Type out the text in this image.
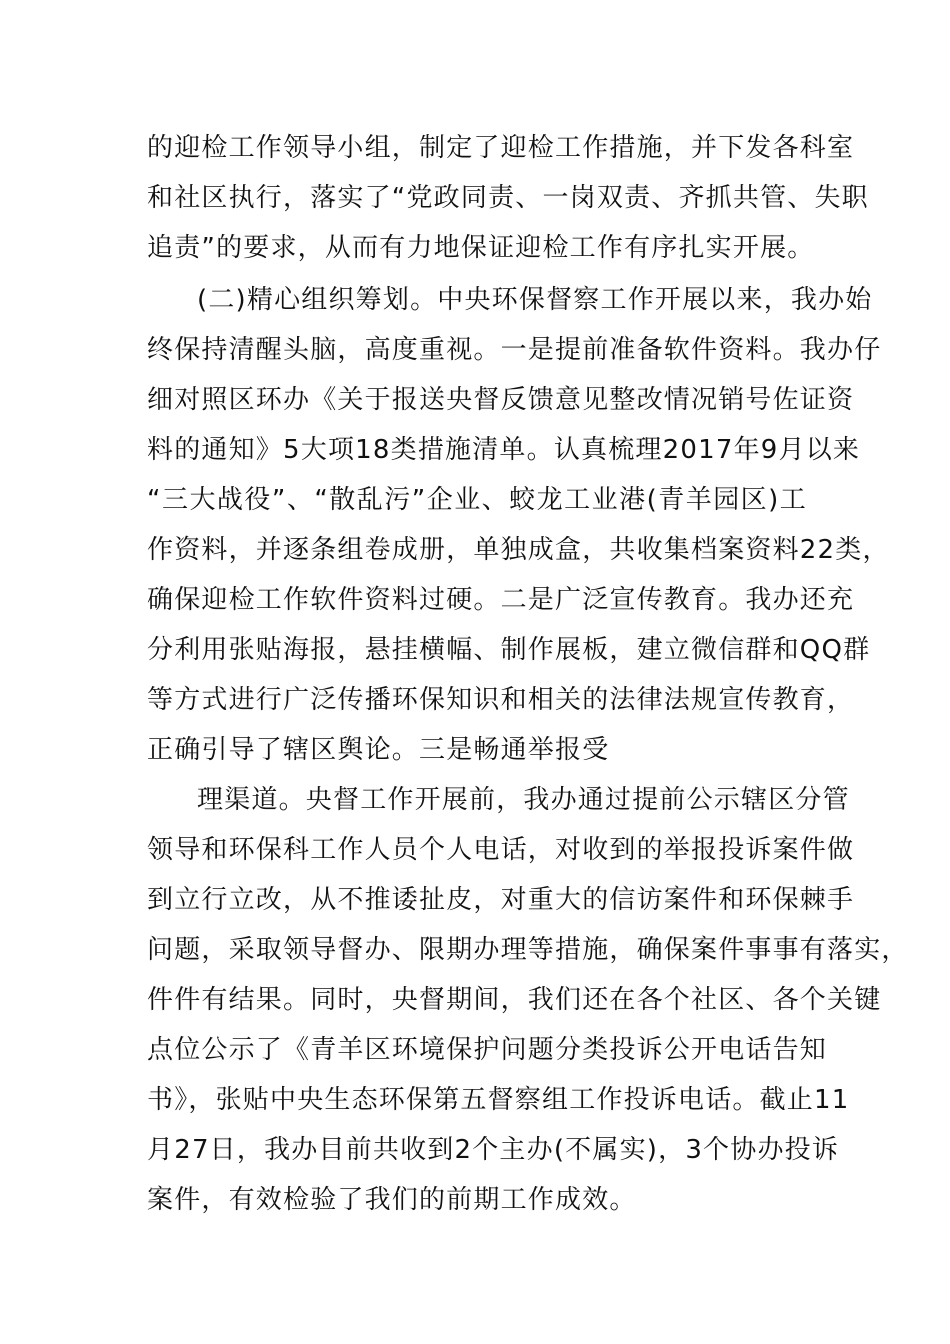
的迎检工作领导小组，制定了迎检工作措施，并下发各科室
和社区执行，落实了“党政同责、一岗双责、齐抓共管、失职
追责”的要求，从而有力地保证迎检工作有序扎实开展。
(二)精心组织筹划。中央环保督察工作开展以来，我办始
终保持清醒头脑，高度重视。一是提前准备软件资料。我办仔
细对照区环办《关于报送央督反馈意见整改情况销号佐证资
料的通知》5大项18类措施清单。认真梳理2017年9月以来
“三大战役”、“散乱污”企业、蛟龙工业港(青羊园区)工
作资料，并逐条组卷成册，单独成盒，共收集档案资料22类，
确保迎检工作软件资料过硬。二是广泛宣传教育。我办还充
分利用张贴海报，悬挂横幅、制作展板，建立微信群和QQ群
等方式进行广泛传播环保知识和相关的法律法规宣传教育，
正确引导了辖区舆论。三是畅通举报受
理渠道。央督工作开展前，我办通过提前公示辖区分管
领导和环保科工作人员个人电话，对收到的举报投诉案件做
到立行立改，从不推诿扯皮，对重大的信访案件和环保棘手
问题，采取领导督办、限期办理等措施，确保案件事事有落实，
件件有结果。同时，央督期间，我们还在各个社区、各个关键
点位公示了《青羊区环境保护问题分类投诉公开电话告知
书》，张贴中央生态环保第五督察组工作投诉电话。截止11
月27日，我办目前共收到2个主办(不属实)，3个协办投诉
案件，有效检验了我们的前期工作成效。
